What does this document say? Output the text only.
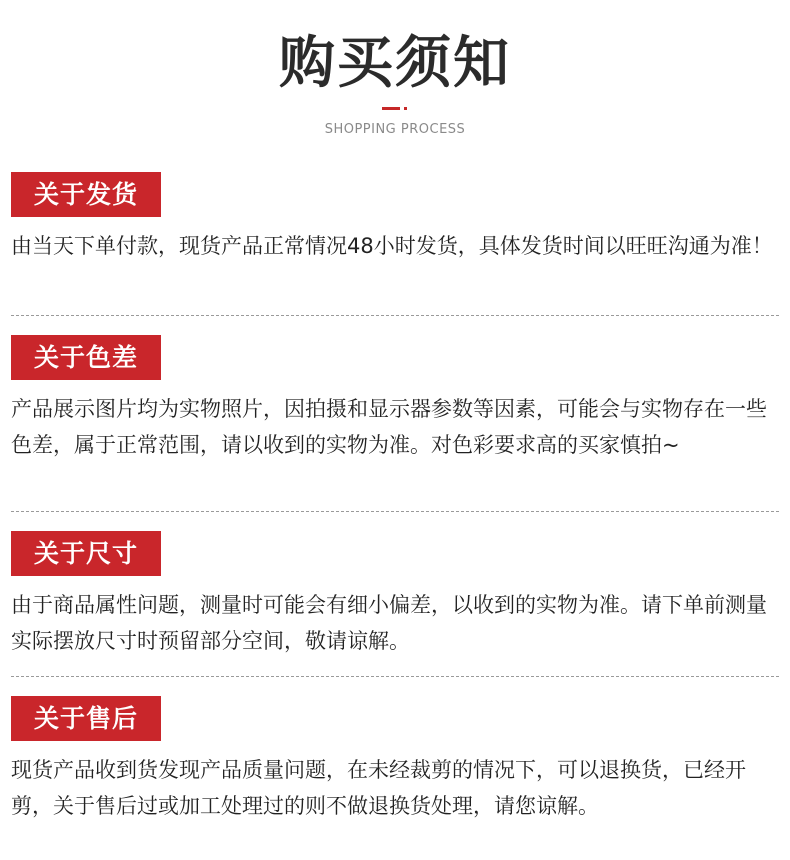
购买须知
SHOPPING PROCESS
关于发货
由当天下单付款，现货产品正常情况48小时发货，具体发货时间以旺旺沟通为准！
关于色差
产品展示图片均为实物照片，因拍摄和显示器参数等因素，可能会与实物存在一些色差，属于正常范围，请以收到的实物为准。对色彩要求高的买家慎拍~
关于尺寸
由于商品属性问题，测量时可能会有细小偏差，以收到的实物为准。请下单前测量实际摆放尺寸时预留部分空间，敬请谅解。
关于售后
现货产品收到货发现产品质量问题，在未经裁剪的情况下，可以退换货，已经开剪，关于售后过或加工处理过的则不做退换货处理，请您谅解。
